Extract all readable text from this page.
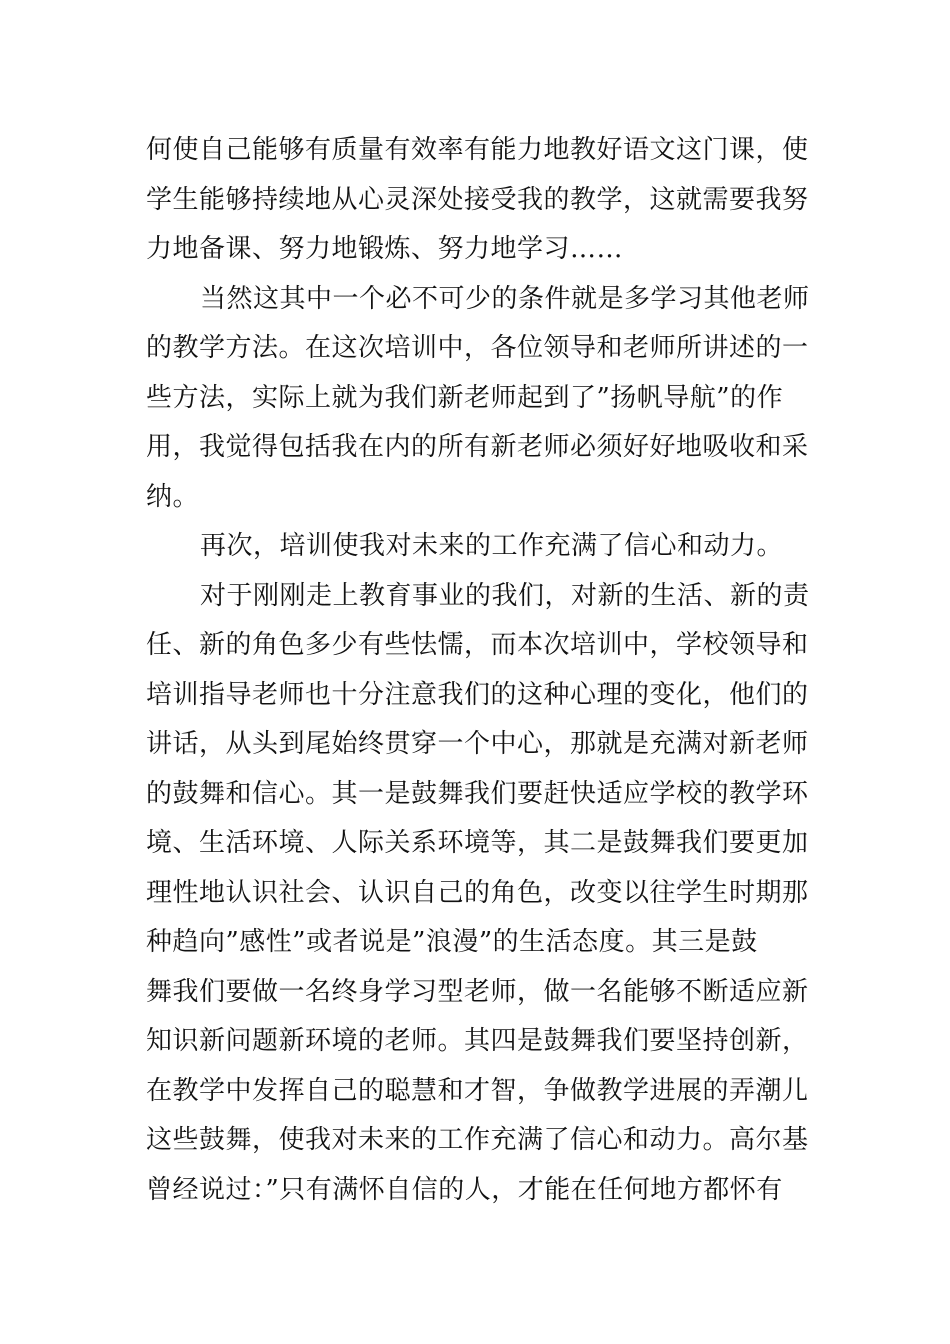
何使自己能够有质量有效率有能力地教好语文这门课，使
学生能够持续地从心灵深处接受我的教学，这就需要我努
力地备课、努力地锻炼、努力地学习……
当然这其中一个必不可少的条件就是多学习其他老师
的教学方法。在这次培训中，各位领导和老师所讲述的一
些方法，实际上就为我们新老师起到了”扬帆导航”的作
用，我觉得包括我在内的所有新老师必须好好地吸收和采
纳。
再次，培训使我对未来的工作充满了信心和动力。
对于刚刚走上教育事业的我们，对新的生活、新的责
任、新的角色多少有些怯懦，而本次培训中，学校领导和
培训指导老师也十分注意我们的这种心理的变化，他们的
讲话，从头到尾始终贯穿一个中心，那就是充满对新老师
的鼓舞和信心。其一是鼓舞我们要赶快适应学校的教学环
境、生活环境、人际关系环境等，其二是鼓舞我们要更加
理性地认识社会、认识自己的角色，改变以往学生时期那
种趋向”感性”或者说是”浪漫”的生活态度。其三是鼓
舞我们要做一名终身学习型老师，做一名能够不断适应新
知识新问题新环境的老师。其四是鼓舞我们要坚持创新，
在教学中发挥自己的聪慧和才智，争做教学进展的弄潮儿
这些鼓舞，使我对未来的工作充满了信心和动力。高尔基
曾经说过：”只有满怀自信的人，才能在任何地方都怀有
